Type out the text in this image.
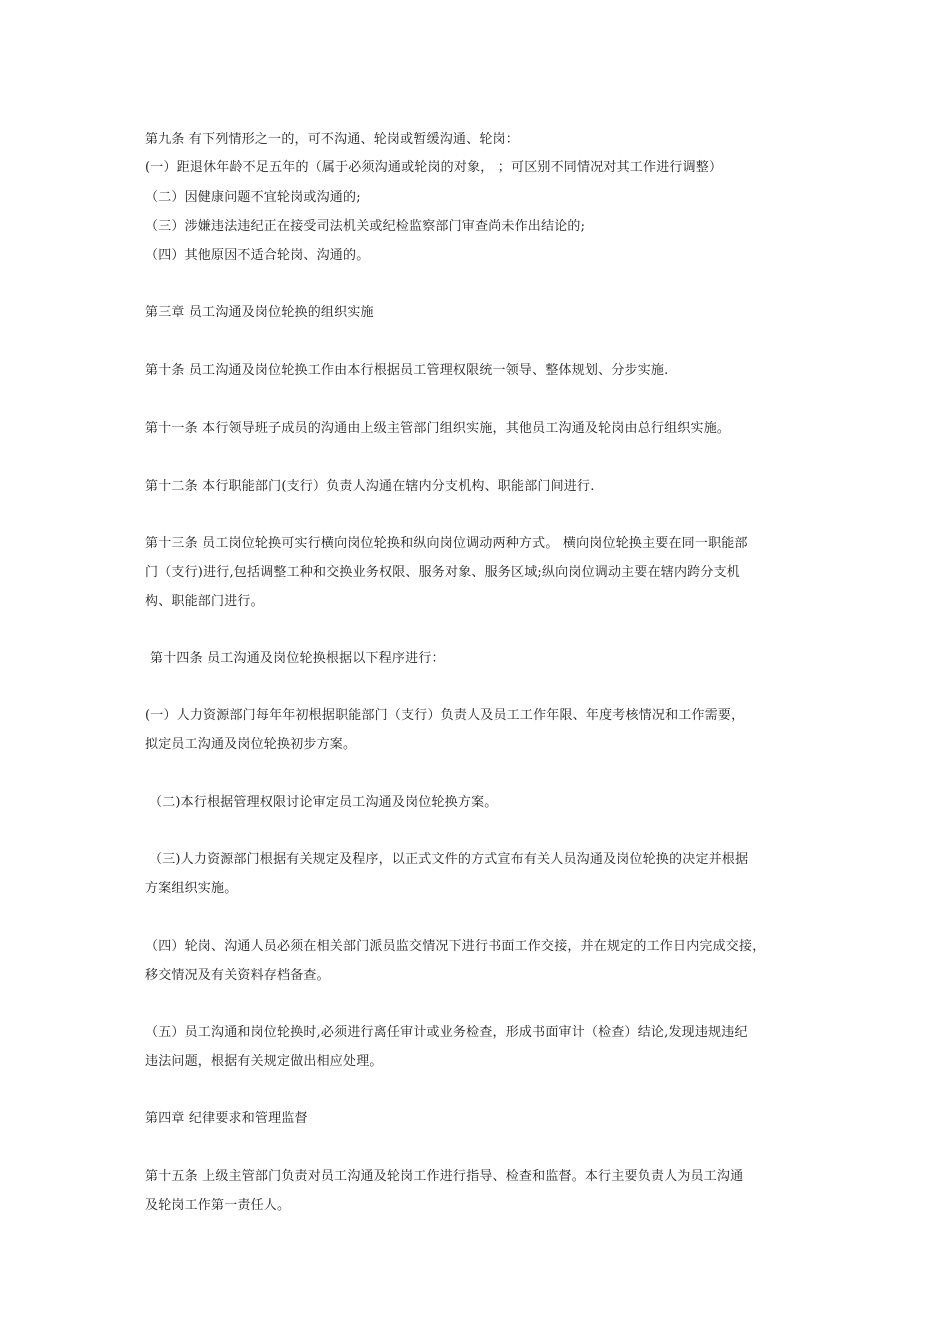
第九条 有下列情形之一的，可不沟通、轮岗或暂缓沟通、轮岗：

(一）距退休年龄不足五年的（属于必须沟通或轮岗的对象， ；可区别不同情况对其工作进行调整）

（二）因健康问题不宜轮岗或沟通的;

（三）涉嫌违法违纪正在接受司法机关或纪检监察部门审查尚未作出结论的;

（四）其他原因不适合轮岗、沟通的。

第三章 员工沟通及岗位轮换的组织实施

第十条 员工沟通及岗位轮换工作由本行根据员工管理权限统一领导、整体规划、分步实施.

第十一条 本行领导班子成员的沟通由上级主管部门组织实施，其他员工沟通及轮岗由总行组织实施。

第十二条 本行职能部门(支行）负责人沟通在辖内分支机构、职能部门间进行.

第十三条 员工岗位轮换可实行横向岗位轮换和纵向岗位调动两种方式。 横向岗位轮换主要在同一职能部

门（支行)进行,包括调整工种和交换业务权限、服务对象、服务区域;纵向岗位调动主要在辖内跨分支机

构、职能部门进行。

第十四条 员工沟通及岗位轮换根据以下程序进行：

(一）人力资源部门每年年初根据职能部门（支行）负责人及员工工作年限、年度考核情况和工作需要，

拟定员工沟通及岗位轮换初步方案。

（二)本行根据管理权限讨论审定员工沟通及岗位轮换方案。

（三)人力资源部门根据有关规定及程序，以正式文件的方式宣布有关人员沟通及岗位轮换的决定并根据

方案组织实施。

（四）轮岗、沟通人员必须在相关部门派员监交情况下进行书面工作交接，并在规定的工作日内完成交接，

移交情况及有关资料存档备查。

（五）员工沟通和岗位轮换时,必须进行离任审计或业务检查，形成书面审计（检查）结论,发现违规违纪

违法问题，根据有关规定做出相应处理。

第四章 纪律要求和管理监督

第十五条 上级主管部门负责对员工沟通及轮岗工作进行指导、检查和监督。本行主要负责人为员工沟通

及轮岗工作第一责任人。
